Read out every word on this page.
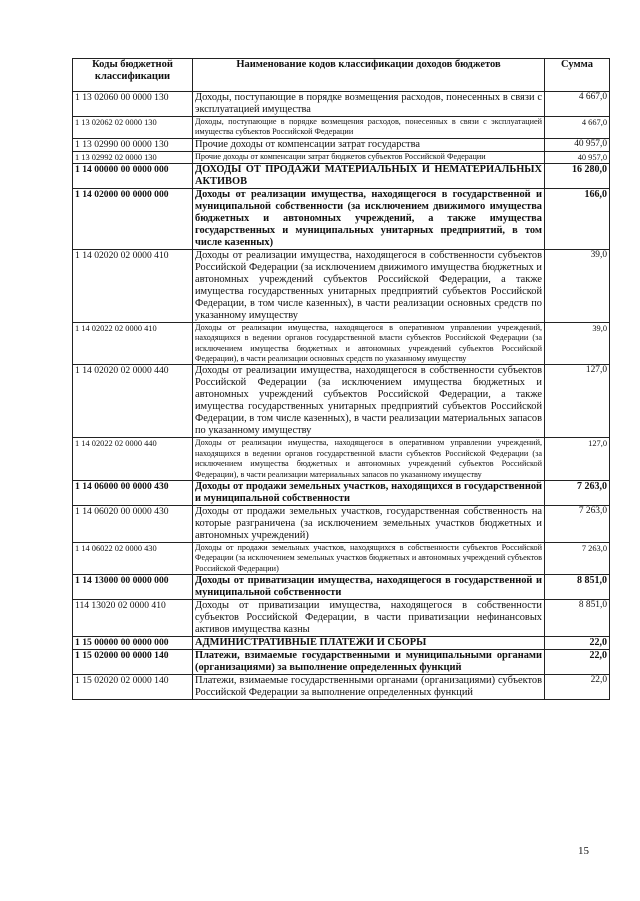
Коды бюджетной классификации	Наименование кодов классификации доходов бюджетов	Сумма
1 13 02060 00 0000 130	Доходы, поступающие в порядке возмещения расходов, понесенных в связи с эксплуатацией имущества	4 667,0
1 13 02062 02 0000 130	Доходы, поступающие в порядке возмещения расходов, понесенных в связи с эксплуатацией имущества субъектов Российской Федерации	4 667,0
1 13 02990 00 0000 130	Прочие доходы от компенсации затрат государства	40 957,0
1 13 02992 02 0000 130	Прочие доходы от компенсации затрат бюджетов субъектов Российской Федерации	40 957,0
1 14 00000 00 0000 000	ДОХОДЫ ОТ ПРОДАЖИ МАТЕРИАЛЬНЫХ И НЕМАТЕРИАЛЬНЫХ АКТИВОВ	16 280,0
1 14 02000 00 0000 000	Доходы от реализации имущества, находящегося в государственной и муниципальной собственности (за исключением движимого имущества бюджетных и автономных учреждений, а также имущества государственных и муниципальных унитарных предприятий, в том числе казенных)	166,0
1 14 02020 02 0000 410	Доходы от реализации имущества, находящегося в собственности субъектов Российской Федерации (за исключением движимого имущества бюджетных и автономных учреждений субъектов Российской Федерации, а также имущества государственных унитарных предприятий субъектов Российской Федерации, в том числе казенных), в части реализации основных средств по указанному имуществу	39,0
1 14 02022 02 0000 410	Доходы от реализации имущества, находящегося в оперативном управлении учреждений, находящихся в ведении органов государственной власти субъектов Российской Федерации (за исключением имущества бюджетных и автономных учреждений субъектов Российской Федерации), в части реализации основных средств по указанному имуществу	39,0
1 14 02020 02 0000 440	Доходы от реализации имущества, находящегося в собственности субъектов Российской Федерации (за исключением имущества бюджетных и автономных учреждений субъектов Российской Федерации, а также имущества государственных унитарных предприятий субъектов Российской Федерации, в том числе казенных), в части реализации материальных запасов по указанному имуществу	127,0
1 14 02022 02 0000 440	Доходы от реализации имущества, находящегося в оперативном управлении учреждений, находящихся в ведении органов государственной власти субъектов Российской Федерации (за исключением имущества бюджетных и автономных учреждений субъектов Российской Федерации), в части реализации материальных запасов по указанному имуществу	127,0
1 14 06000 00 0000 430	Доходы от продажи земельных участков, находящихся в государственной и муниципальной собственности	7 263,0
1 14 06020 00 0000 430	Доходы от продажи земельных участков, государственная собственность на которые разграничена (за исключением земельных участков бюджетных и автономных учреждений)	7 263,0
1 14 06022 02 0000 430	Доходы от продажи земельных участков, находящихся в собственности субъектов Российской Федерации (за исключением земельных участков бюджетных и автономных учреждений субъектов Российской Федерации)	7 263,0
1 14 13000 00 0000 000	Доходы от приватизации имущества, находящегося в государственной и муниципальной собственности	8 851,0
114 13020 02 0000 410	Доходы от приватизации имущества, находящегося в собственности субъектов Российской Федерации, в части приватизации нефинансовых активов имущества казны	8 851,0
1 15 00000 00 0000 000	АДМИНИСТРАТИВНЫЕ ПЛАТЕЖИ И СБОРЫ	22,0
1 15 02000 00 0000 140	Платежи, взимаемые государственными и муниципальными органами (организациями) за выполнение определенных функций	22,0
1 15 02020 02 0000 140	Платежи, взимаемые государственными органами (организациями) субъектов Российской Федерации за выполнение определенных функций	22,0
15
